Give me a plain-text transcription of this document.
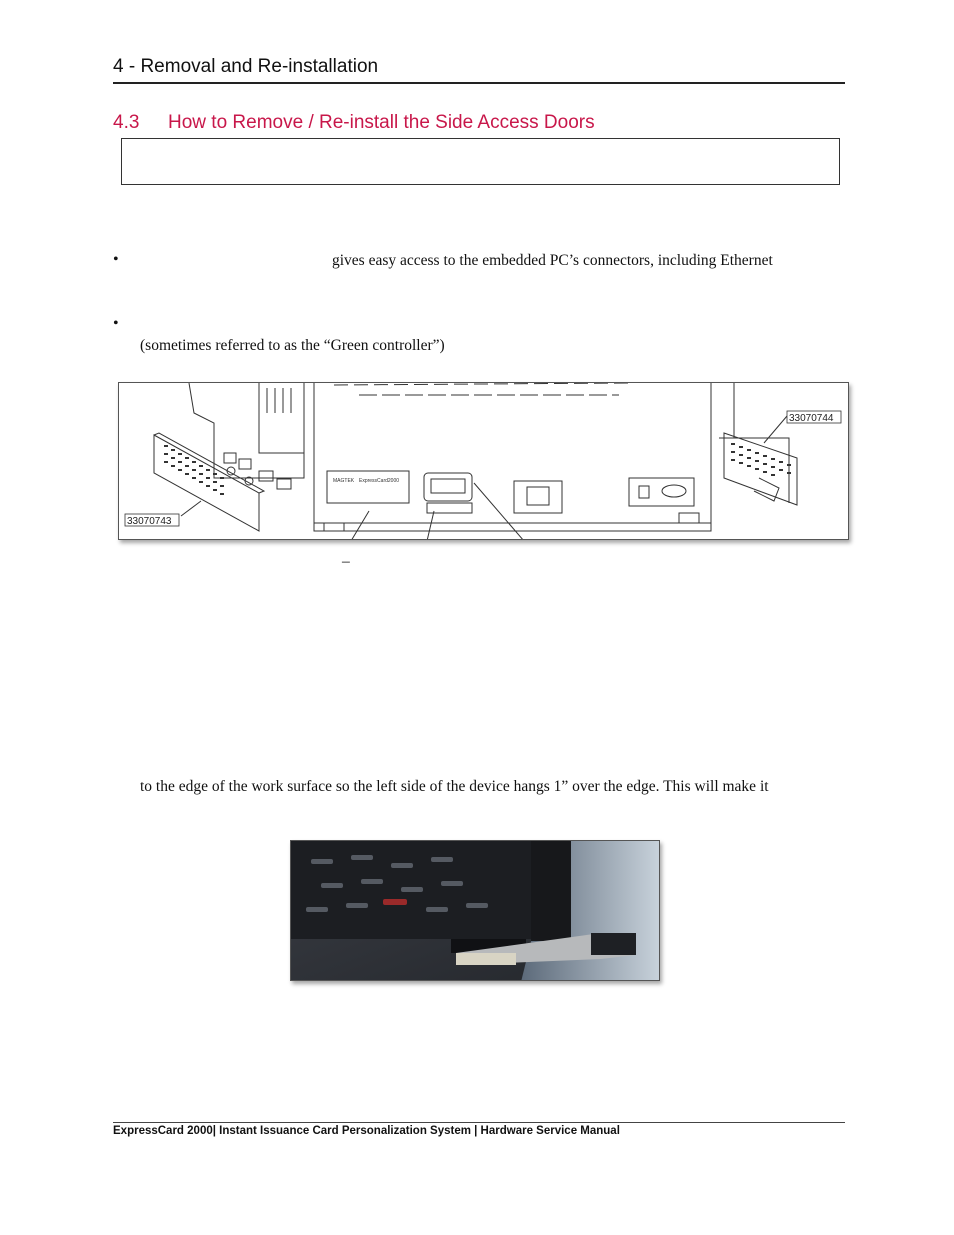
4 - Removal and Re-installation
4.3 How to Remove / Re-install the Side Access Doors
•	gives easy access to the embedded PC’s connectors, including Ethernet
•
(sometimes referred to as the “Green controller”)
MAGTEK ExpressCard2000
33070743
33070744
–
to the edge of the work surface so the left side of the device hangs 1” over the edge. This will make it
ExpressCard 2000| Instant Issuance Card Personalization System | Hardware Service Manual
